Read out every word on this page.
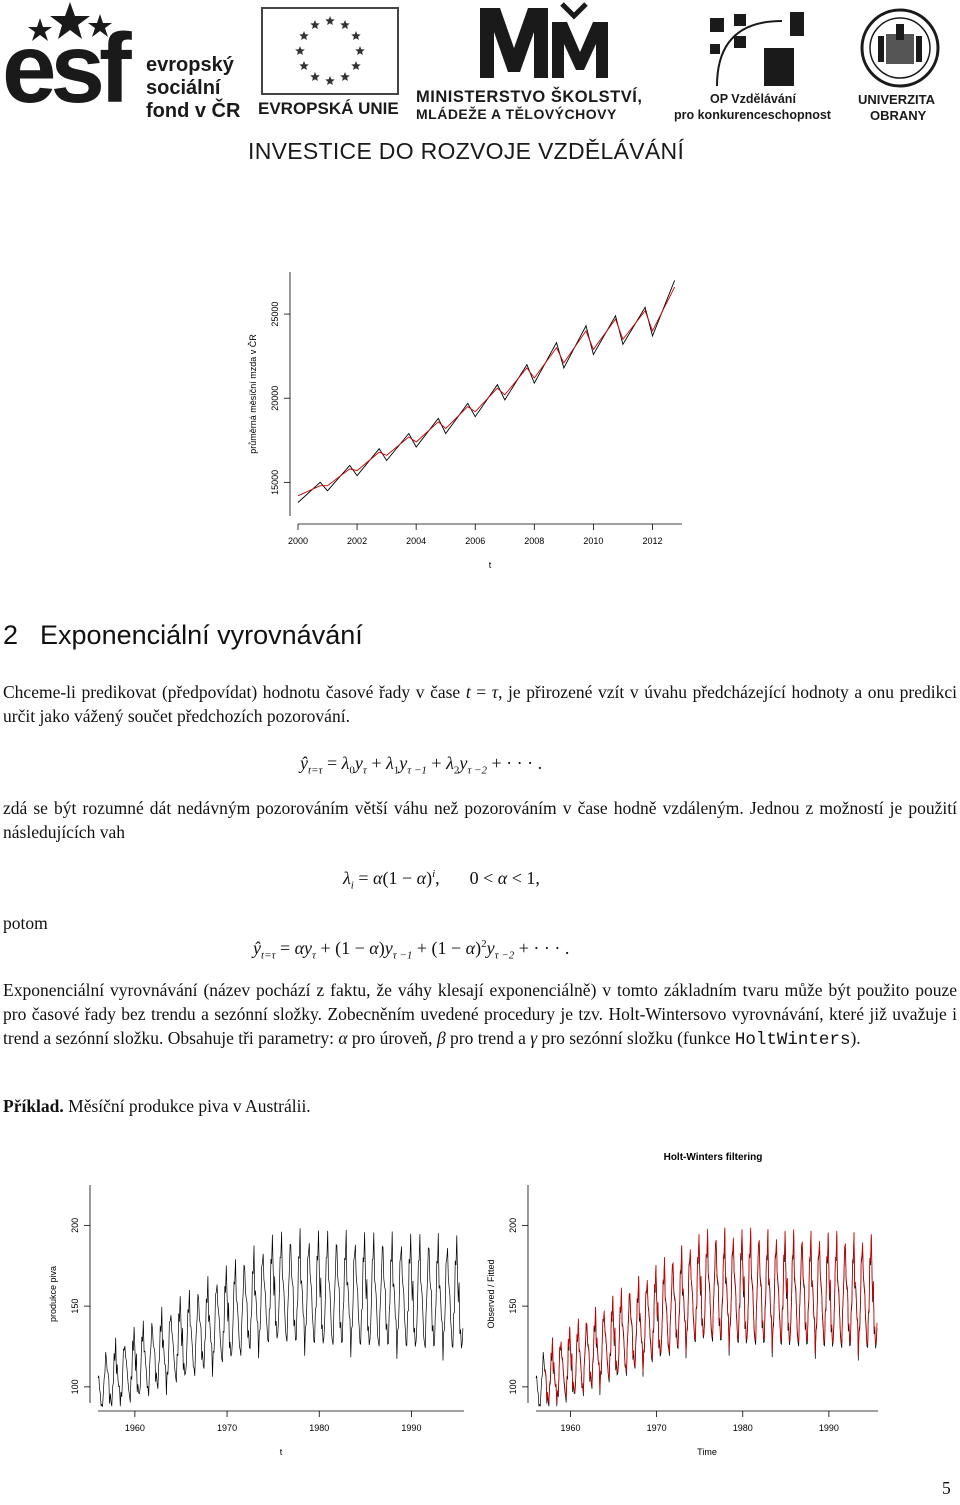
esf evropský
sociální
fond v ČR EVROPSKÁ UNIE
MINISTERSTVO ŠKOLSTVÍ,
MLÁDEŽE A TĚLOVÝCHOVY
OP Vzdělávání
pro konkurenceschopnost
UNIVERZITA
OBRANY
INVESTICE DO ROZVOJE VZDĚLÁVÁNÍ
15000
20000
25000
2000	2002	2004	2006	2008	2010	2012
t
průměrná měsíční mzda v ČR
2 Exponenciální vyrovnávání
Chceme-li predikovat (předpovídat) hodnotu časové řady v čase t = τ, je přirozené vzít v úvahu předcházející hodnoty a onu predikci určit jako vážený součet předchozích pozorování.
$ŷ_{t=\tau} = \lambda_0y_\tau + \lambda_1y_{\tau -1} + \lambda_2y_{\tau -2}$ + · · · .
zdá se být rozumné dát nedávným pozorováním větší váhu než pozorováním v čase hodně vzdáleným. Jednou z možností je použití následujících vah
$\lambda_i = \alpha(1 - \alpha)^i$, 0 < α < 1,
potom
$ŷ_{t=\tau} = \alpha y_\tau + (1 - \alpha)y_{\tau -1} + (1 - \alpha)^2y_{\tau -2}$ + · · · .
Exponenciální vyrovnávání (název pochází z faktu, že váhy klesají exponenciálně) v tomto základním tvaru může být použito pouze pro časové řady bez trendu a sezónní složky. Zobecněním uvedené procedury je tzv. Holt-Wintersovo vyrovnávání, které již uvažuje i trend a sezónní složku. Obsahuje tři parametry: α pro úroveň, β pro trend a γ pro sezónní složku (funkce HoltWinters).
Příklad. Měsíční produkce piva v Austrálii.
100
150
200
1960	1970	1980	1990
t
produkce piva
100
150
200
1960	1970	1980	1990
Time
Observed / Fitted
Holt-Winters filtering
5
